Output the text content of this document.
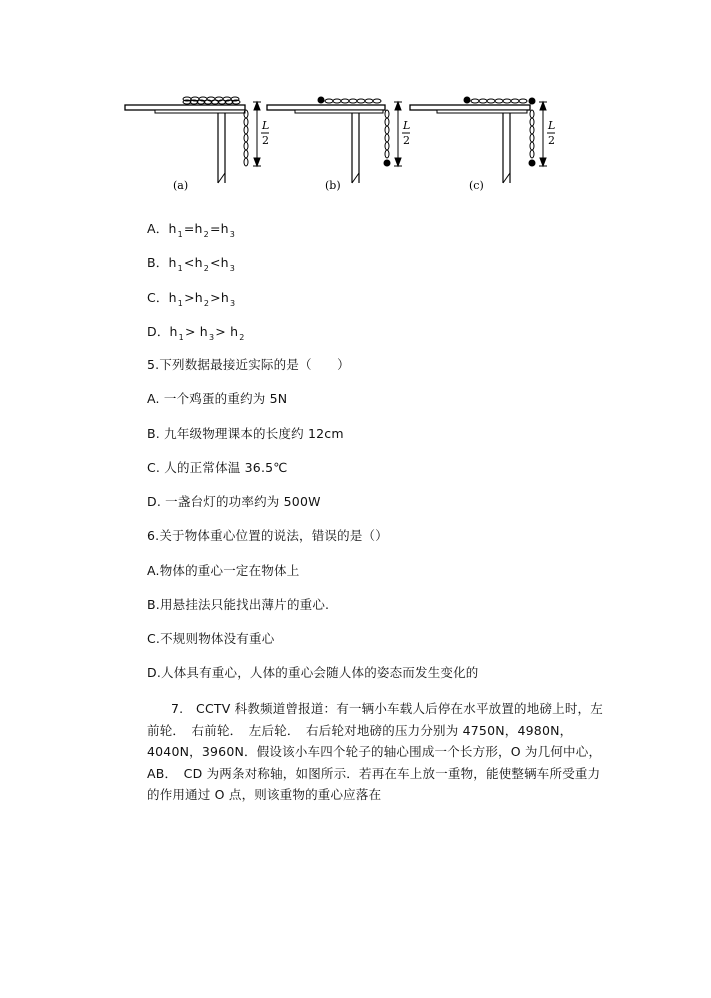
L
2
(a)
L
2
(b)
L
2
(c)
A．$h_1=h_2=h_3$
B．$h_1<h_2<h_3$
C．$h_1>h_2>h_3$
D．$h_1> h_3> h_2$
5.下列数据最接近实际的是（　　）
A. 一个鸡蛋的重约为 5N
B. 九年级物理课本的长度约 12cm
C. 人的正常体温 36.5℃
D. 一盏台灯的功率约为 500W
6.关于物体重心位置的说法，错误的是（）
A.物体的重心一定在物体上
B.用悬挂法只能找出薄片的重心.
C.不规则物体没有重心
D.人体具有重心，人体的重心会随人体的姿态而发生变化的
7.　CCTV 科教频道曾报道：有一辆小车载人后停在水平放置的地磅上时，左前轮．　右前轮．　左后轮．　右后轮对地磅的压力分别为 4750N，4980N，4040N，3960N．假设该小车四个轮子的轴心围成一个长方形，O 为几何中心，AB．　CD 为两条对称轴，如图所示．若再在车上放一重物，能使整辆车所受重力的作用通过 O 点，则该重物的重心应落在
